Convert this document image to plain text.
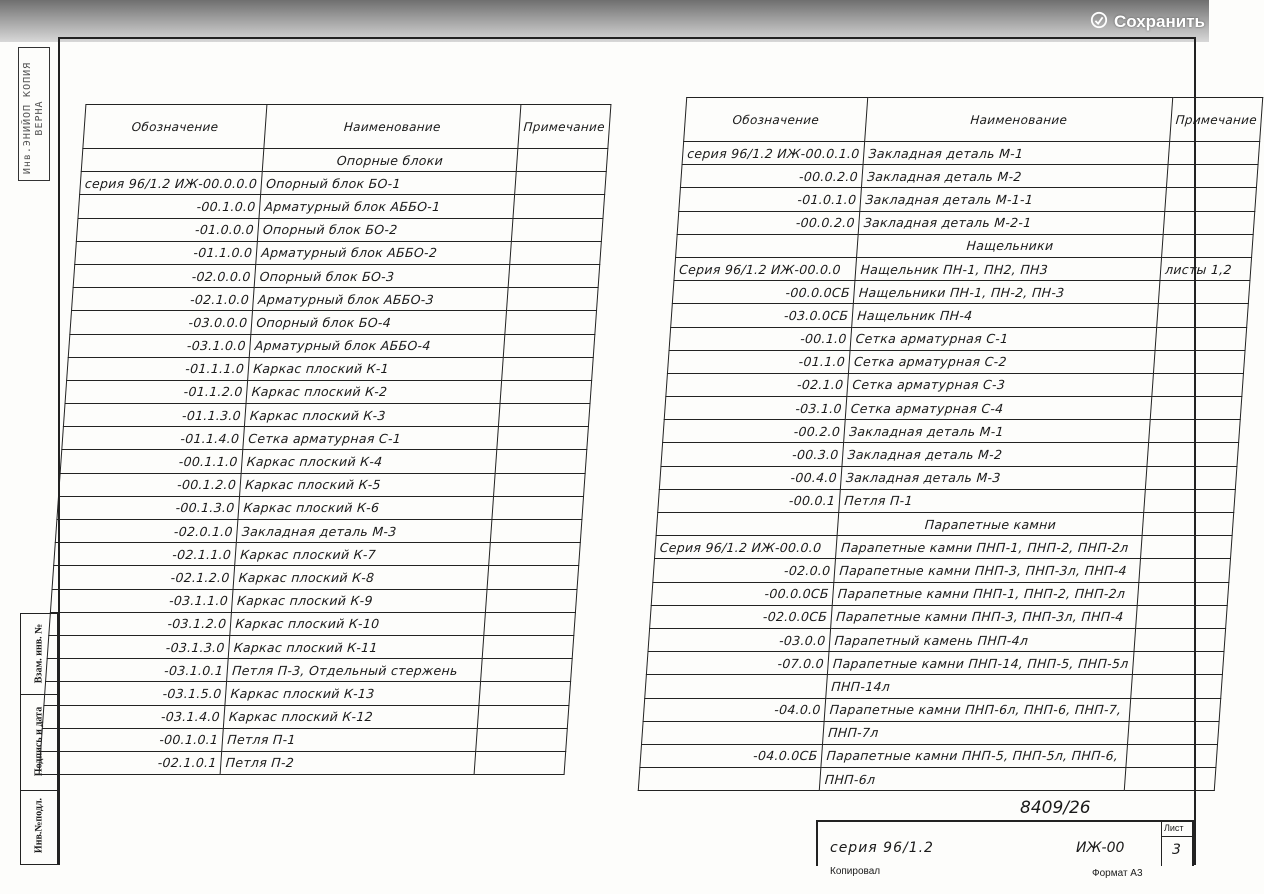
Сохранить
Инв.ЭНИЙОП КОПИЯ ВЕРНА
Взам. инв. №
Подпись и дата
Инв.№подл.
Обозначение	Наименование	Примечание
	Опорные блоки	
серия 96/1.2 ИЖ-00.0.0.0	Опорный блок БО-1	
-00.1.0.0	Арматурный блок АББО-1	
-01.0.0.0	Опорный блок БО-2	
-01.1.0.0	Арматурный блок АББО-2	
-02.0.0.0	Опорный блок БО-3	
-02.1.0.0	Арматурный блок АББО-3	
-03.0.0.0	Опорный блок БО-4	
-03.1.0.0	Арматурный блок АББО-4	
-01.1.1.0	Каркас плоский К-1	
-01.1.2.0	Каркас плоский К-2	
-01.1.3.0	Каркас плоский К-3	
-01.1.4.0	Сетка арматурная С-1	
-00.1.1.0	Каркас плоский К-4	
-00.1.2.0	Каркас плоский К-5	
-00.1.3.0	Каркас плоский К-6	
-02.0.1.0	Закладная деталь М-3	
-02.1.1.0	Каркас плоский К-7	
-02.1.2.0	Каркас плоский К-8	
-03.1.1.0	Каркас плоский К-9	
-03.1.2.0	Каркас плоский К-10	
-03.1.3.0	Каркас плоский К-11	
-03.1.0.1	Петля П-3, Отдельный стержень	
-03.1.5.0	Каркас плоский К-13	
-03.1.4.0	Каркас плоский К-12	
-00.1.0.1	Петля П-1	
-02.1.0.1	Петля П-2	
Обозначение	Наименование	Примечание
серия 96/1.2 ИЖ-00.0.1.0	Закладная деталь М-1	
-00.0.2.0	Закладная деталь М-2	
-01.0.1.0	Закладная деталь М-1-1	
-00.0.2.0	Закладная деталь М-2-1	
	Нащельники	
Серия 96/1.2 ИЖ-00.0.0	Нащельник ПН-1, ПН2, ПН3	листы 1,2
-00.0.0СБ	Нащельники ПН-1, ПН-2, ПН-3	
-03.0.0СБ	Нащельник ПН-4	
-00.1.0	Сетка арматурная С-1	
-01.1.0	Сетка арматурная С-2	
-02.1.0	Сетка арматурная С-3	
-03.1.0	Сетка арматурная С-4	
-00.2.0	Закладная деталь М-1	
-00.3.0	Закладная деталь М-2	
-00.4.0	Закладная деталь М-3	
-00.0.1	Петля П-1	
	Парапетные камни	
Серия 96/1.2 ИЖ-00.0.0	Парапетные камни ПНП-1, ПНП-2, ПНП-2л	
-02.0.0	Парапетные камни ПНП-3, ПНП-3л, ПНП-4	
-00.0.0СБ	Парапетные камни ПНП-1, ПНП-2, ПНП-2л	
-02.0.0СБ	Парапетные камни ПНП-3, ПНП-3л, ПНП-4	
-03.0.0	Парапетный камень ПНП-4л	
-07.0.0	Парапетные камни ПНП-14, ПНП-5, ПНП-5л	
	ПНП-14л	
-04.0.0	Парапетные камни ПНП-6л, ПНП-6, ПНП-7,	
	ПНП-7л	
-04.0.0СБ	Парапетные камни ПНП-5, ПНП-5л, ПНП-6,	
	ПНП-6л	
8409/26
серия 96/1.2	ИЖ-00
Лист
3
Копировал	Формат А3
